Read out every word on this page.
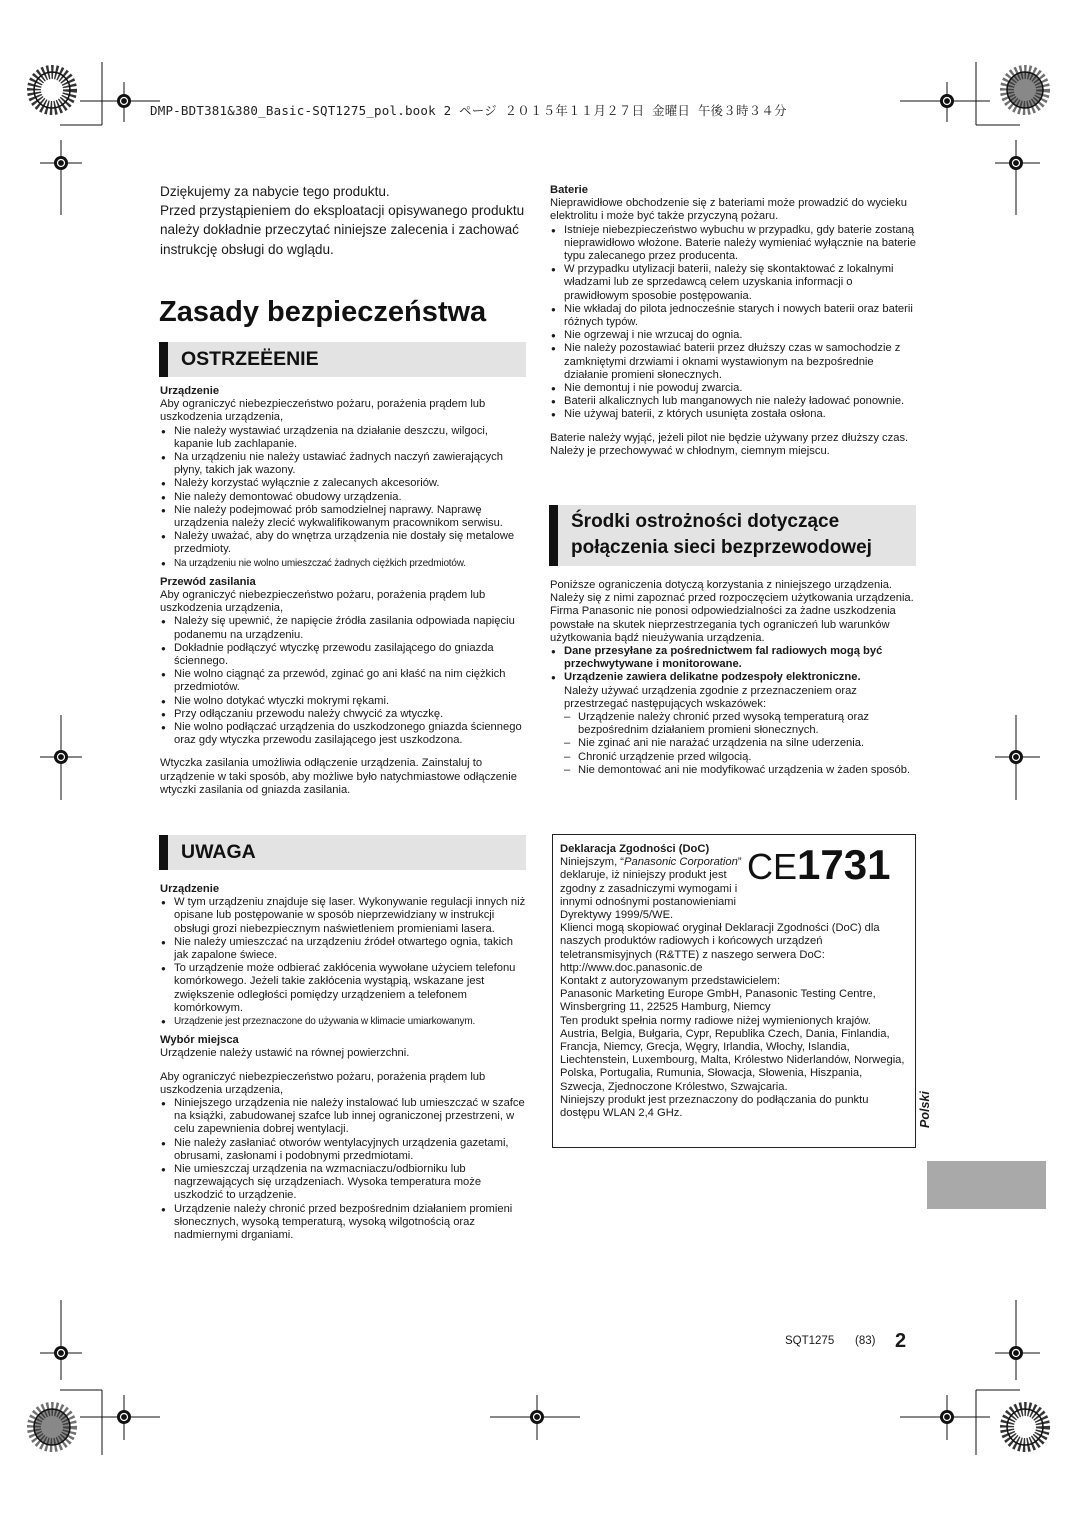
DMP-BDT381&380_Basic-SQT1275_pol.book 2 ページ ２０１５年１１月２７日 金曜日 午後３時３４分

Dziękujemy za nabycie tego produktu.

Przed przystąpieniem do eksploatacji opisywanego produktu należy dokładnie przeczytać niniejsze zalecenia i zachować instrukcję obsługi do wglądu.

Zasady bezpieczeństwa
OSTRZEËENIE

Urządzenie

Aby ograniczyć niebezpieczeństwo pożaru, porażenia prądem lub uszkodzenia urządzenia,

● Nie należy wystawiać urządzenia na działanie deszczu, wilgoci, kapanie lub zachlapanie.
● Na urządzeniu nie należy ustawiać żadnych naczyń zawierających płyny, takich jak wazony.
● Należy korzystać wyłącznie z zalecanych akcesoriów.
● Nie należy demontować obudowy urządzenia.
● Nie należy podejmować prób samodzielnej naprawy. Naprawę urządzenia należy zlecić wykwalifikowanym pracownikom serwisu.
● Należy uważać, aby do wnętrza urządzenia nie dostały się metalowe przedmioty.
● Na urządzeniu nie wolno umieszczać żadnych ciężkich przedmiotów.

Przewód zasilania

Aby ograniczyć niebezpieczeństwo pożaru, porażenia prądem lub uszkodzenia urządzenia,

● Należy się upewnić, że napięcie źródła zasilania odpowiada napięciu podanemu na urządzeniu.
● Dokładnie podłączyć wtyczkę przewodu zasilającego do gniazda ściennego.
● Nie wolno ciągnąć za przewód, zginać go ani kłaść na nim ciężkich przedmiotów.
● Nie wolno dotykać wtyczki mokrymi rękami.
● Przy odłączaniu przewodu należy chwycić za wtyczkę.
● Nie wolno podłączać urządzenia do uszkodzonego gniazda ściennego oraz gdy wtyczka przewodu zasilającego jest uszkodzona.

Wtyczka zasilania umożliwia odłączenie urządzenia. Zainstaluj to urządzenie w taki sposób, aby możliwe było natychmiastowe odłączenie wtyczki zasilania od gniazda zasilania.

UWAGA

Urządzenie

● W tym urządzeniu znajduje się laser. Wykonywanie regulacji innych niż opisane lub postępowanie w sposób nieprzewidziany w instrukcji obsługi grozi niebezpiecznym naświetleniem promieniami lasera.
● Nie należy umieszczać na urządzeniu źródeł otwartego ognia, takich jak zapalone świece.
● To urządzenie może odbierać zakłócenia wywołane użyciem telefonu komórkowego. Jeżeli takie zakłócenia wystąpią, wskazane jest zwiększenie odległości pomiędzy urządzeniem a telefonem komórkowym.
● Urządzenie jest przeznaczone do używania w klimacie umiarkowanym.

Wybór miejsca

Urządzenie należy ustawić na równej powierzchni.

Aby ograniczyć niebezpieczeństwo pożaru, porażenia prądem lub uszkodzenia urządzenia,

● Niniejszego urządzenia nie należy instalować lub umieszczać w szafce na książki, zabudowanej szafce lub innej ograniczonej przestrzeni, w celu zapewnienia dobrej wentylacji.
● Nie należy zasłaniać otworów wentylacyjnych urządzenia gazetami, obrusami, zasłonami i podobnymi przedmiotami.
● Nie umieszczaj urządzenia na wzmacniaczu/odbiorniku lub nagrzewających się urządzeniach. Wysoka temperatura może uszkodzić to urządzenie.
● Urządzenie należy chronić przed bezpośrednim działaniem promieni słonecznych, wysoką temperaturą, wysoką wilgotnością oraz nadmiernymi drganiami.

Baterie

Nieprawidłowe obchodzenie się z bateriami może prowadzić do wycieku elektrolitu i może być także przyczyną pożaru.

● Istnieje niebezpieczeństwo wybuchu w przypadku, gdy baterie zostaną nieprawidłowo włożone. Baterie należy wymieniać wyłącznie na baterie typu zalecanego przez producenta.
● W przypadku utylizacji baterii, należy się skontaktować z lokalnymi władzami lub ze sprzedawcą celem uzyskania informacji o prawidłowym sposobie postępowania.
● Nie wkładaj do pilota jednocześnie starych i nowych baterii oraz baterii różnych typów.
● Nie ogrzewaj i nie wrzucaj do ognia.
● Nie należy pozostawiać baterii przez dłuższy czas w samochodzie z zamkniętymi drzwiami i oknami wystawionym na bezpośrednie działanie promieni słonecznych.
● Nie demontuj i nie powoduj zwarcia.
● Baterii alkalicznych lub manganowych nie należy ładować ponownie.
● Nie używaj baterii, z których usunięta została osłona.

Baterie należy wyjąć, jeżeli pilot nie będzie używany przez dłuższy czas. Należy je przechowywać w chłodnym, ciemnym miejscu.

Środki ostrożności dotyczące
połączenia sieci bezprzewodowej

Poniższe ograniczenia dotyczą korzystania z niniejszego urządzenia. Należy się z nimi zapoznać przed rozpoczęciem użytkowania urządzenia.

Firma Panasonic nie ponosi odpowiedzialności za żadne uszkodzenia powstałe na skutek nieprzestrzegania tych ograniczeń lub warunków użytkowania bądź nieużywania urządzenia.

● Dane przesyłane za pośrednictwem fal radiowych mogą być przechwytywane i monitorowane.
● Urządzenie zawiera delikatne podzespoły elektroniczne.
Należy używać urządzenia zgodnie z przeznaczeniem oraz przestrzegać następujących wskazówek:
– Urządzenie należy chronić przed wysoką temperaturą oraz bezpośrednim działaniem promieni słonecznych.
– Nie zginać ani nie narażać urządzenia na silne uderzenia.
– Chronić urządzenie przed wilgocią.
– Nie demontować ani nie modyfikować urządzenia w żaden sposób.
CE1731

Deklaracja Zgodności (DoC)

Niniejszym, “Panasonic Corporation” deklaruje, iż niniejszy produkt jest zgodny z zasadniczymi wymogami i innymi odnośnymi postanowieniami Dyrektywy 1999/5/WE.

Klienci mogą skopiować oryginał Deklaracji Zgodności (DoC) dla naszych produktów radiowych i końcowych urządzeń teletransmisyjnych (R&TTE) z naszego serwera DoC:

http://www.doc.panasonic.de

Kontakt z autoryzowanym przedstawicielem:

Panasonic Marketing Europe GmbH, Panasonic Testing Centre, Winsbergring 11, 22525 Hamburg, Niemcy

Ten produkt spełnia normy radiowe niżej wymienionych krajów. Austria, Belgia, Bułgaria, Cypr, Republika Czech, Dania, Finlandia, Francja, Niemcy, Grecja, Węgry, Irlandia, Włochy, Islandia, Liechtenstein, Luxembourg, Malta, Królestwo Niderlandów, Norwegia, Polska, Portugalia, Rumunia, Słowacja, Słowenia, Hiszpania, Szwecja, Zjednoczone Królestwo, Szwajcaria.

Niniejszy produkt jest przeznaczony do podłączania do punktu dostępu WLAN 2,4 GHz.	Polski
SQT1275 (83) 2
